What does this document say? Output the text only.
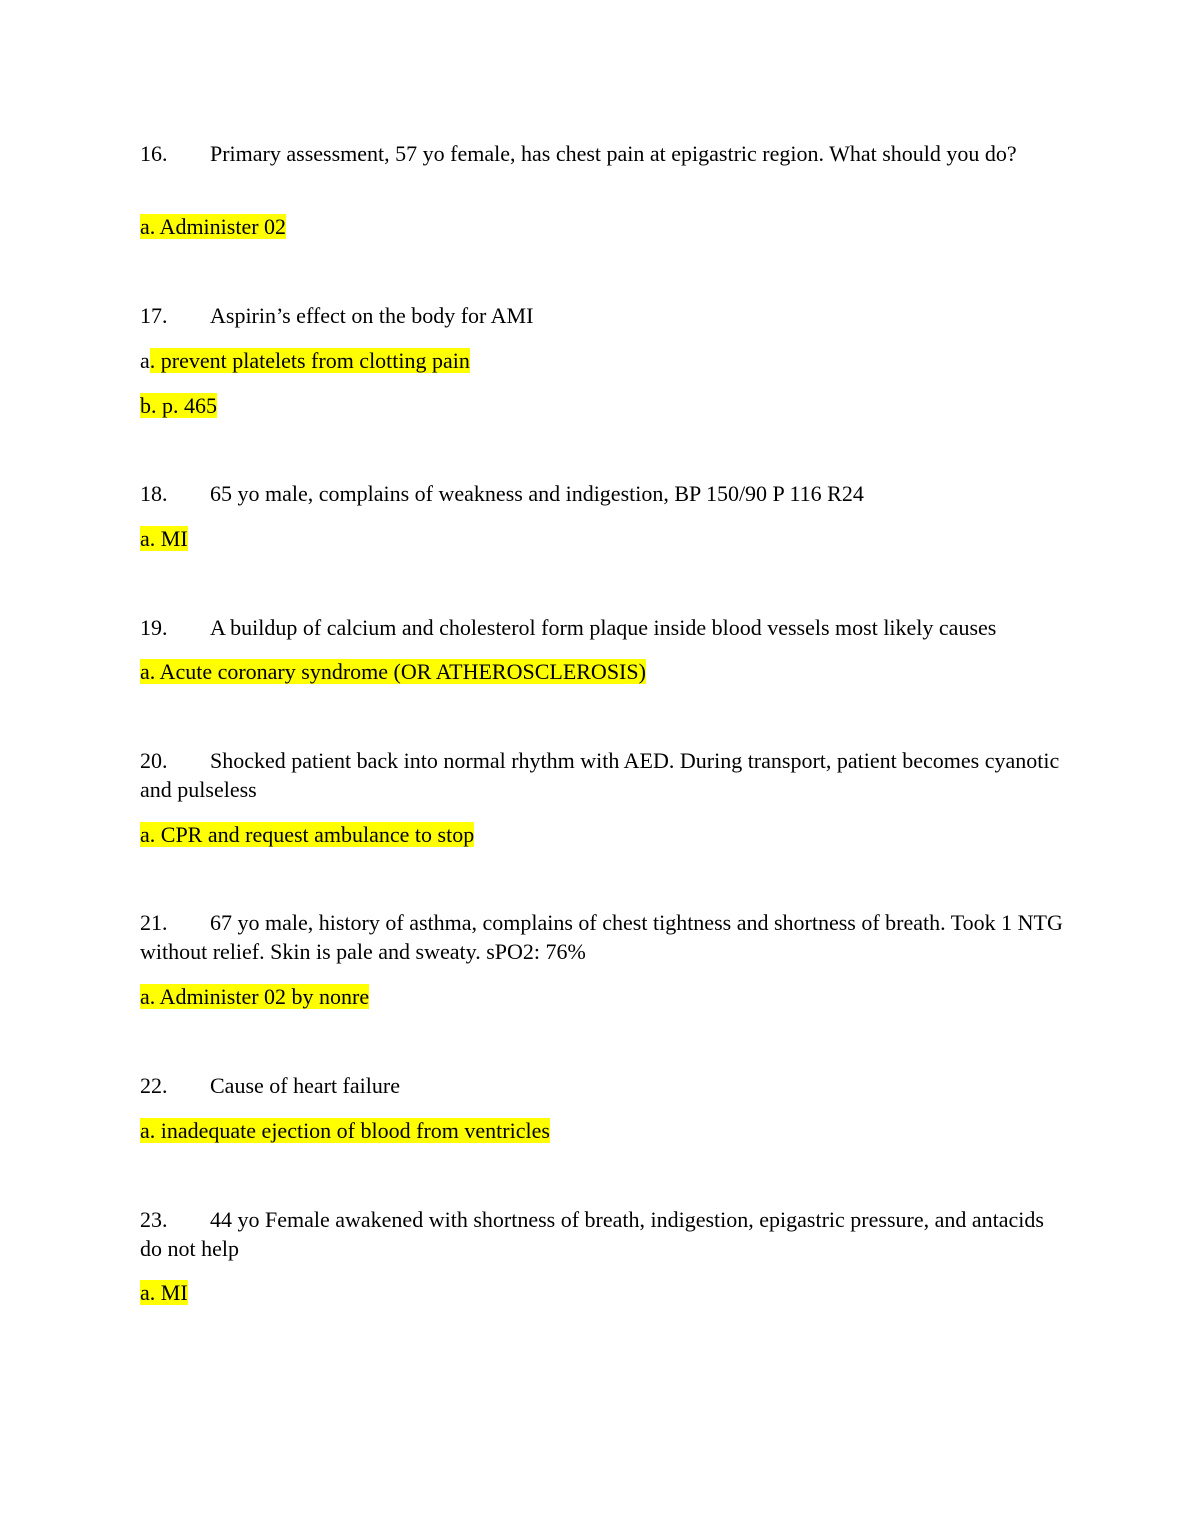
16. Primary assessment, 57 yo female, has chest pain at epigastric region. What should you do?
a. Administer 02
17. Aspirin’s effect on the body for AMI
a. prevent platelets from clotting pain
b. p. 465
18. 65 yo male, complains of weakness and indigestion, BP 150/90 P 116 R24
a. MI
19. A buildup of calcium and cholesterol form plaque inside blood vessels most likely causes
a. Acute coronary syndrome (OR ATHEROSCLEROSIS)
20. Shocked patient back into normal rhythm with AED. During transport, patient becomes cyanotic and pulseless
a. CPR and request ambulance to stop
21. 67 yo male, history of asthma, complains of chest tightness and shortness of breath. Took 1 NTG without relief. Skin is pale and sweaty. sPO2: 76%
a. Administer 02 by nonre
22. Cause of heart failure
a. inadequate ejection of blood from ventricles
23. 44 yo Female awakened with shortness of breath, indigestion, epigastric pressure, and antacids do not help
a. MI
